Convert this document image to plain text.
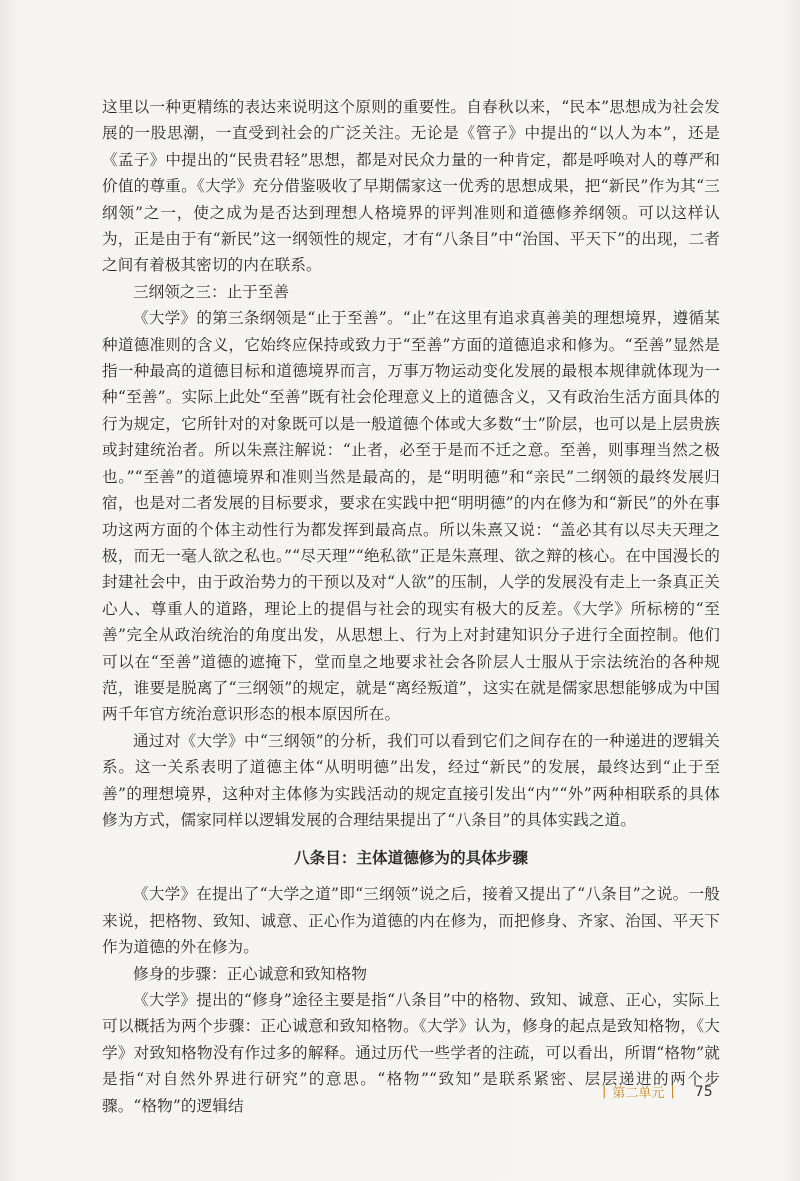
这里以一种更精练的表达来说明这个原则的重要性。自春秋以来，“民本”思想成为社会发展的一股思潮，一直受到社会的广泛关注。无论是《管子》中提出的“以人为本”，还是《孟子》中提出的“民贵君轻”思想，都是对民众力量的一种肯定，都是呼唤对人的尊严和价值的尊重。《大学》充分借鉴吸收了早期儒家这一优秀的思想成果，把“新民”作为其“三纲领”之一，使之成为是否达到理想人格境界的评判准则和道德修养纲领。可以这样认为，正是由于有“新民”这一纲领性的规定，才有“八条目”中“治国、平天下”的出现，二者之间有着极其密切的内在联系。

三纲领之三：止于至善

《大学》的第三条纲领是“止于至善”。“止”在这里有追求真善美的理想境界，遵循某种道德准则的含义，它始终应保持或致力于“至善”方面的道德追求和修为。“至善”显然是指一种最高的道德目标和道德境界而言，万事万物运动变化发展的最根本规律就体现为一种“至善”。实际上此处“至善”既有社会伦理意义上的道德含义，又有政治生活方面具体的行为规定，它所针对的对象既可以是一般道德个体或大多数“士”阶层，也可以是上层贵族或封建统治者。所以朱熹注解说：“止者，必至于是而不迁之意。至善，则事理当然之极也。”“至善”的道德境界和准则当然是最高的，是“明明德”和“亲民”二纲领的最终发展归宿，也是对二者发展的目标要求，要求在实践中把“明明德”的内在修为和“新民”的外在事功这两方面的个体主动性行为都发挥到最高点。所以朱熹又说：“盖必其有以尽夫天理之极，而无一毫人欲之私也。”“尽天理”“绝私欲”正是朱熹理、欲之辩的核心。在中国漫长的封建社会中，由于政治势力的干预以及对“人欲”的压制，人学的发展没有走上一条真正关心人、尊重人的道路，理论上的提倡与社会的现实有极大的反差。《大学》所标榜的“至善”完全从政治统治的角度出发，从思想上、行为上对封建知识分子进行全面控制。他们可以在“至善”道德的遮掩下，堂而皇之地要求社会各阶层人士服从于宗法统治的各种规范，谁要是脱离了“三纲领”的规定，就是“离经叛道”，这实在就是儒家思想能够成为中国两千年官方统治意识形态的根本原因所在。

通过对《大学》中“三纲领”的分析，我们可以看到它们之间存在的一种递进的逻辑关系。这一关系表明了道德主体“从明明德”出发，经过“新民”的发展，最终达到“止于至善”的理想境界，这种对主体修为实践活动的规定直接引发出“内”“外”两种相联系的具体修为方式，儒家同样以逻辑发展的合理结果提出了“八条目”的具体实践之道。

八条目：主体道德修为的具体步骤

《大学》在提出了“大学之道”即“三纲领”说之后，接着又提出了“八条目”之说。一般来说，把格物、致知、诚意、正心作为道德的内在修为，而把修身、齐家、治国、平天下作为道德的外在修为。

修身的步骤：正心诚意和致知格物

《大学》提出的“修身”途径主要是指“八条目”中的格物、致知、诚意、正心，实际上可以概括为两个步骤：正心诚意和致知格物。《大学》认为，修身的起点是致知格物，《大学》对致知格物没有作过多的解释。通过历代一些学者的注疏，可以看出，所谓“格物”就是指“对自然外界进行研究”的意思。“格物”“致知”是联系紧密、层层递进的两个步骤。“格物”的逻辑结

| 第二单元 |	75
